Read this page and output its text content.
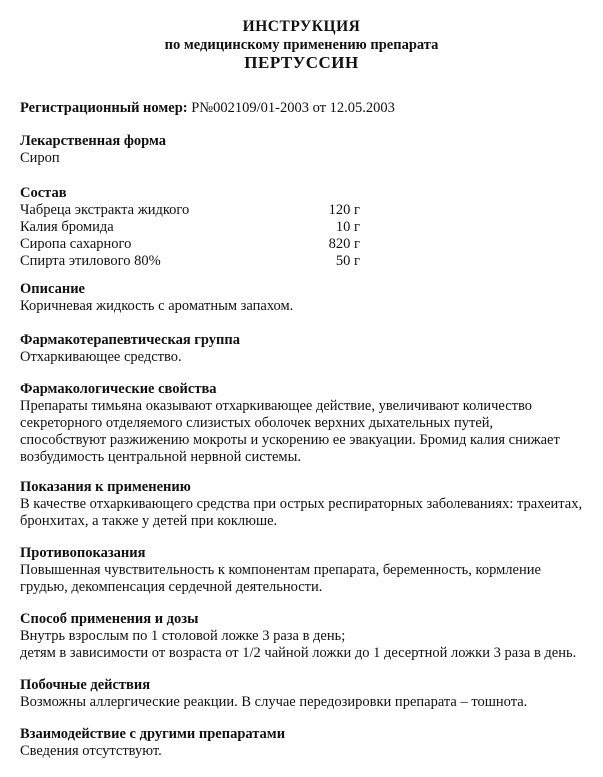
ИНСТРУКЦИЯ
по медицинскому применению препарата
ПЕРТУССИН
Регистрационный номер: Р№002109/01-2003 от 12.05.2003
Лекарственная форма
Сироп
Состав
Чабреца экстракта жидкого	120 г
Калия бромида	10 г
Сиропа сахарного	820 г
Спирта этилового 80%	50 г
Описание
Коричневая жидкость с ароматным запахом.
Фармакотерапевтическая группа
Отхаркивающее средство.
Фармакологические свойства
Препараты тимьяна оказывают отхаркивающее действие, увеличивают количество
секреторного отделяемого слизистых оболочек верхних дыхательных путей,
способствуют разжижению мокроты и ускорению ее эвакуации. Бромид калия снижает
возбудимость центральной нервной системы.
Показания к применению
В качестве отхаркивающего средства при острых респираторных заболеваниях: трахеитах,
бронхитах, а также у детей при коклюше.
Противопоказания
Повышенная чувствительность к компонентам препарата, беременность, кормление
грудью, декомпенсация сердечной деятельности.
Способ применения и дозы
Внутрь взрослым по 1 столовой ложке 3 раза в день;
детям в зависимости от возраста от 1/2 чайной ложки до 1 десертной ложки 3 раза в день.
Побочные действия
Возможны аллергические реакции. В случае передозировки препарата – тошнота.
Взаимодействие с другими препаратами
Сведения отсутствуют.
